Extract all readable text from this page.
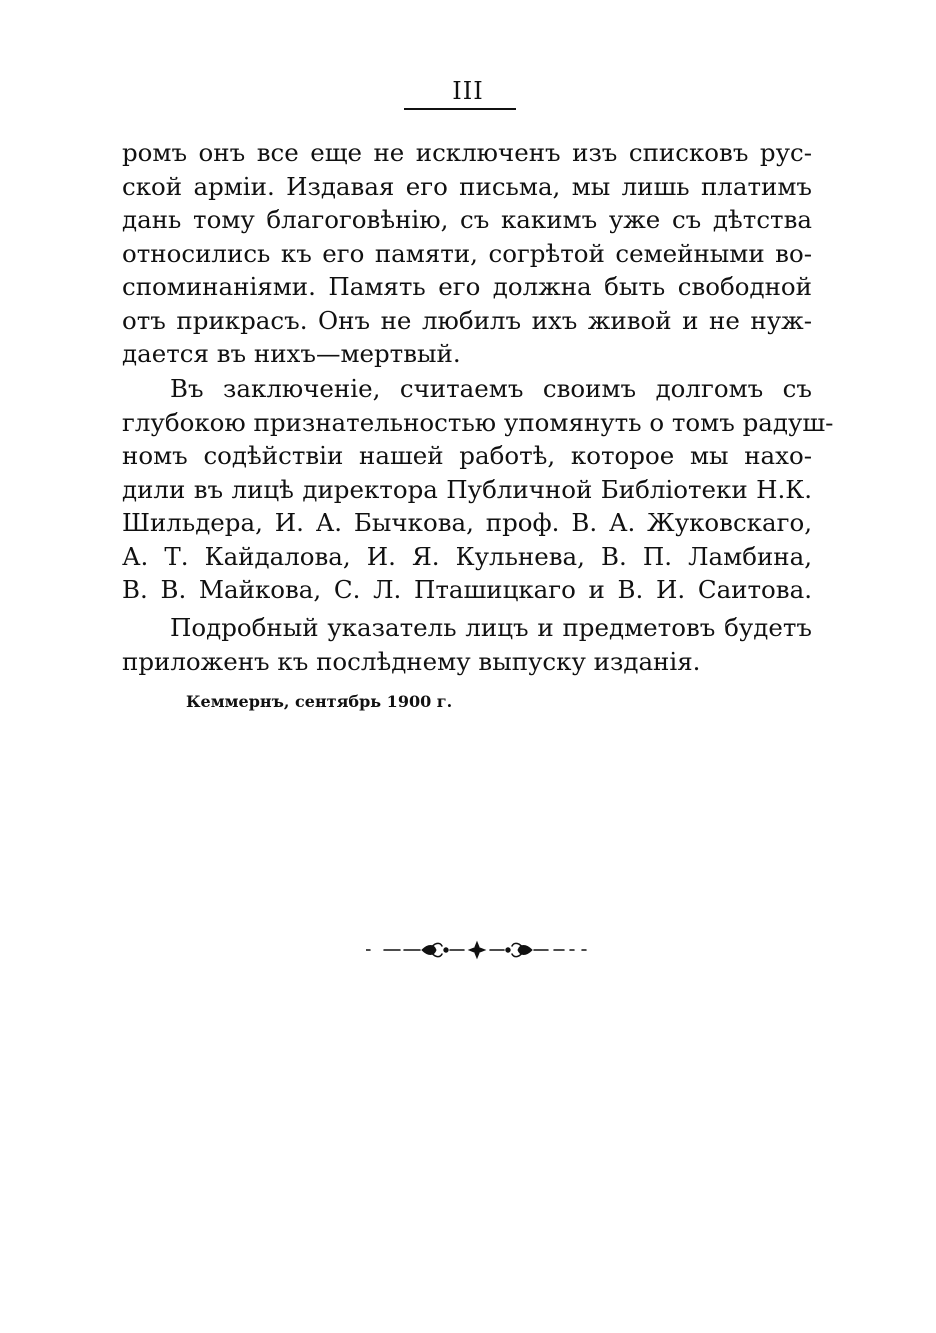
III
ромъ онъ все еще не исключенъ изъ списковъ рус-
ской арміи. Издавая его письма, мы лишь платимъ
дань тому благоговѣнію, съ какимъ уже съ дѣтства
относились къ его памяти, согрѣтой семейными во-
споминаніями. Память его должна быть свободной
отъ прикрасъ. Онъ не любилъ ихъ живой и не нуж-
дается въ нихъ—мертвый.
Въ заключеніе, считаемъ своимъ долгомъ съ
глубокою признательностью упомянуть о томъ радуш-
номъ содѣйствіи нашей работѣ, которое мы нахо-
дили въ лицѣ директора Публичной Библіотеки Н.К.
Шильдера, И. А. Бычкова, проф. В. А. Жуковскаго,
А. Т. Кайдалова, И. Я. Кульнева, В. П. Ламбина,
В. В. Майкова, С. Л. Пташицкаго и В. И. Саитова.
Подробный указатель лицъ и предметовъ будетъ
приложенъ къ послѣднему выпуску изданія.
Кеммернъ, сентябрь 1900 г.
